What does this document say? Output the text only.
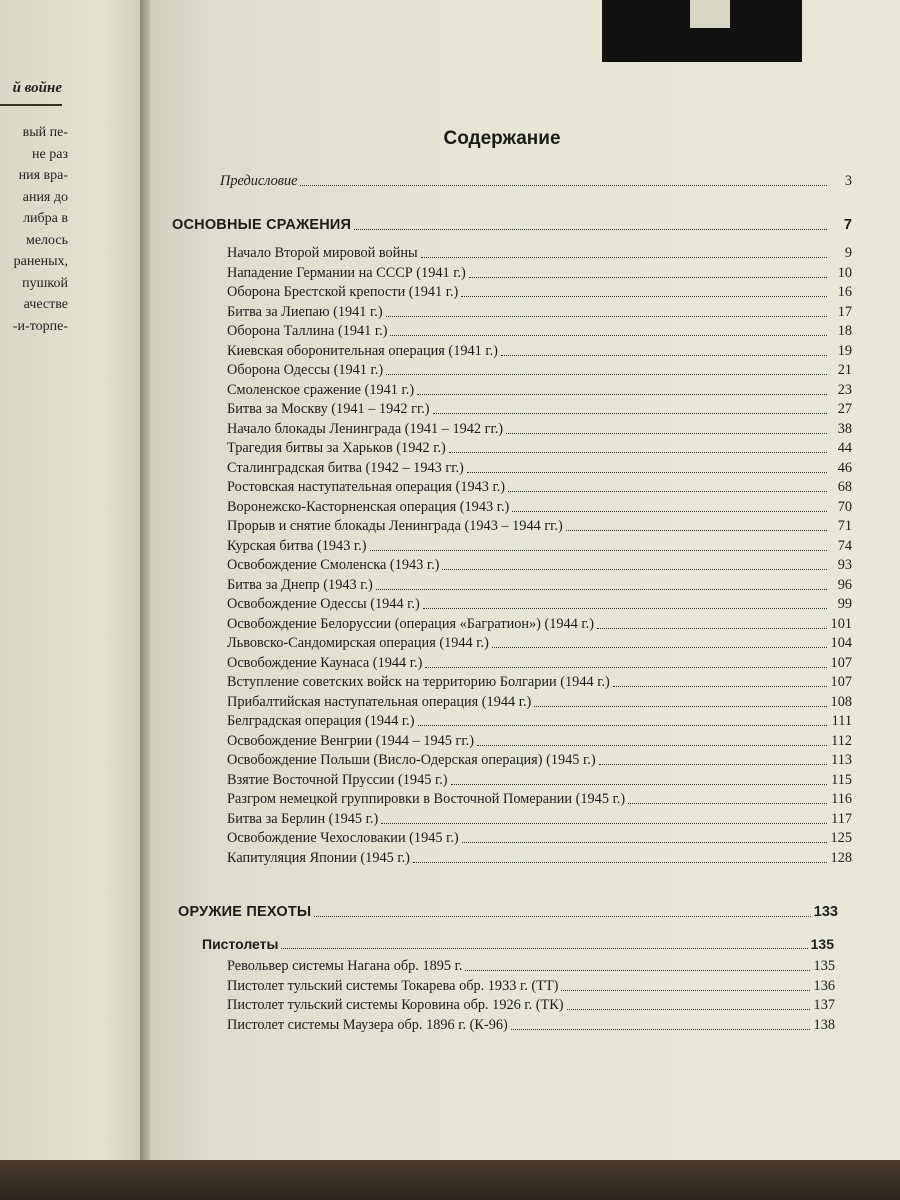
й войне
вый пе-
не раз
ния вра-
ания до
либра в
мелось
раненых,
пушкой
ачестве
-и-торпе-
Содержание
Предисловие	3
ОСНОВНЫЕ СРАЖЕНИЯ	7
Начало Второй мировой войны	9
Нападение Германии на СССР (1941 г.)	10
Оборона Брестской крепости (1941 г.)	16
Битва за Лиепаю (1941 г.)	17
Оборона Таллина (1941 г.)	18
Киевская оборонительная операция (1941 г.)	19
Оборона Одессы (1941 г.)	21
Смоленское сражение (1941 г.)	23
Битва за Москву (1941 – 1942 гг.)	27
Начало блокады Ленинграда (1941 – 1942 гг.)	38
Трагедия битвы за Харьков (1942 г.)	44
Сталинградская битва (1942 – 1943 гг.)	46
Ростовская наступательная операция (1943 г.)	68
Воронежско-Касторненская операция (1943 г.)	70
Прорыв и снятие блокады Ленинграда (1943 – 1944 гг.)	71
Курская битва (1943 г.)	74
Освобождение Смоленска (1943 г.)	93
Битва за Днепр (1943 г.)	96
Освобождение Одессы (1944 г.)	99
Освобождение Белоруссии (операция «Багратион») (1944 г.)	101
Львовско-Сандомирская операция (1944 г.)	104
Освобождение Каунаса (1944 г.)	107
Вступление советских войск на территорию Болгарии (1944 г.)	107
Прибалтийская наступательная операция (1944 г.)	108
Белградская операция (1944 г.)	111
Освобождение Венгрии (1944 – 1945 гг.)	112
Освобождение Польши (Висло-Одерская операция) (1945 г.)	113
Взятие Восточной Пруссии (1945 г.)	115
Разгром немецкой группировки в Восточной Померании (1945 г.)	116
Битва за Берлин (1945 г.)	117
Освобождение Чехословакии (1945 г.)	125
Капитуляция Японии (1945 г.)	128
ОРУЖИЕ ПЕХОТЫ	133
Пистолеты	135
Револьвер системы Нагана обр. 1895 г.	135
Пистолет тульский системы Токарева обр. 1933 г. (ТТ)	136
Пистолет тульский системы Коровина обр. 1926 г. (ТК)	137
Пистолет системы Маузера обр. 1896 г. (К-96)	138
